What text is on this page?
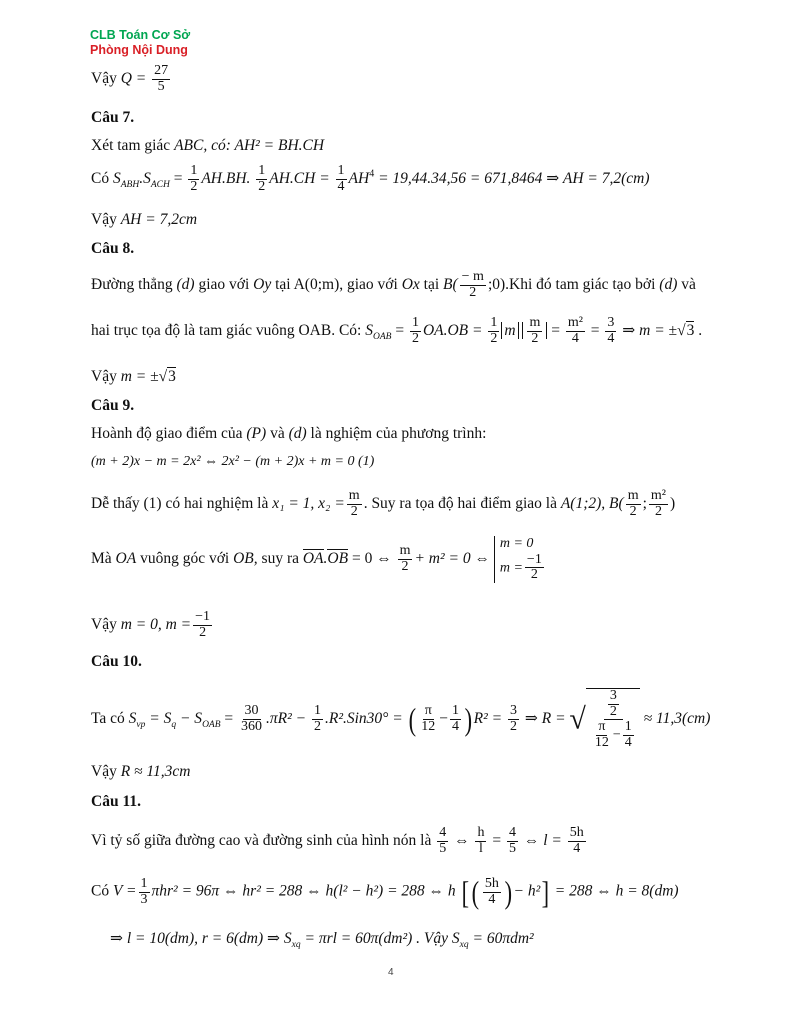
CLB Toán Cơ Sở
Phòng Nội Dung
Vậy $Q = \frac{27}{5}$
Câu 7.
Xét tam giác ABC, có: AH² = BH.CH
Có $S_{ABH}.S_{ACH} = \frac{1}{2} AH.BH$. $\frac{1}{2} AH.CH = \frac{1}{4} AH^4 = 19,44.34,56 = 671,8464$ ⇒ AH = 7,2(cm)
Vậy AH = 7,2cm
Câu 8.
Đường thẳng (d) giao với Oy tại A(0;m), giao với Ox tại $B( \frac{- m}{2}$ ;0).Khi đó tam giác tạo bởi (d) và
hai trục tọa độ là tam giác vuông OAB. Có: $S_{OAB} = \frac{1}{2} OA.OB = \frac{1}{2}$ m $\frac{m}{2} = \frac{\text{m²}}{4} = \frac{3}{4}$ ⇒ m = ±√3 .
Vậy m = ±√3
Câu 9.
Hoành độ giao điểm của (P) và (d) là nghiệm của phương trình:
(m + 2)x − m = 2x² ⇔ 2x² − (m + 2)x + m = 0 (1)
Dễ thấy (1) có hai nghiệm là x₁ = 1, $x_2 = \frac{m}{2}$ . Suy ra tọa độ hai điểm giao là A(1;2), $B( \frac{m}{2}$ ; $\frac{\text{m²}}{2}$ )
Mà OA vuông góc với OB, suy ra OA.OB = 0 ⇔ $\frac{m}{2} + m^2 = 0$ ⇔
m = 0
$m = \frac{-1}{2}$
Vậy m = 0, $m = \frac{-1}{2}$
Câu 10.
Ta có $S_{vp} = S_q - S_{OAB} = \frac{30}{360} .\pi R^2 - \frac{1}{2} .R^2.Sin30^\circ$ = ( $\frac{\pi}{12} - \frac{1}{4}$ ) $R^2 = \frac{3}{2}$ ⇒ R = √ $\frac{\frac{3}{2}}{\frac{\pi}{12} - \frac{1}{4}} \approx 11,3(cm)$
Vậy R ≈ 11,3cm
Câu 11.
Vì tỷ số giữa đường cao và đường sinh của hình nón là $\frac{4}{5}$ ⇔ $\frac{h}{l} = \frac{4}{5}$ ⇔ $l = \frac{5h}{4}$
Có $V = \frac{1}{3} \pi hr^2 = 96\pi$ ⇔ hr² = 288 ⇔ h(l² − h²) = 288 ⇔ h [( $\frac{5h}{4}$ ) − h²] = 288 ⇔ h = 8(dm)
⇒ l = 10(dm), r = 6(dm) ⇒ $S_{xq} = \pi rl = 60\pi(dm^2)$ . Vậy $S_{xq} = 60\pi dm^2$
4
